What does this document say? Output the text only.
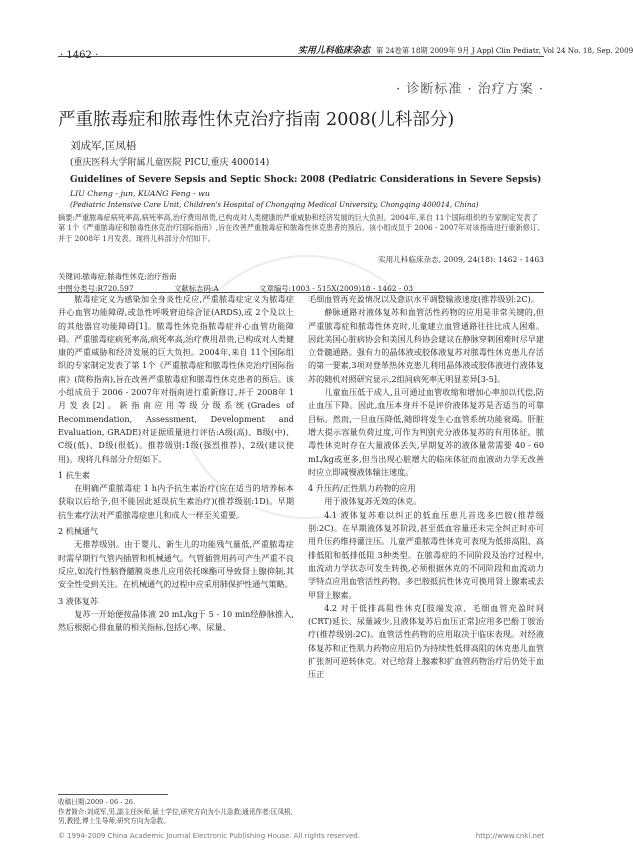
· 1462 ·	实用儿科临床杂志 第 24卷第 18期 2009年 9月 J Appl Clin Pediatr, Vol 24 No. 18, Sep. 2009
· 诊断标准 · 治疗方案 ·
严重脓毒症和脓毒性休克治疗指南 2008(儿科部分)
刘成军,匡凤梧
(重庆医科大学附属儿童医院 PICU,重庆 400014)
Guidelines of Severe Sepsis and Septic Shock: 2008 (Pediatric Considerations in Severe Sepsis)
LIU Cheng - jun, KUANG Feng - wu
(Pediatric Intensive Care Unit, Children's Hospital of Chongqing Medical University, Chongqing 400014, China)
摘要:严重脓毒症病死率高,病死率高,治疗费用昂贵,已构成对人类健康的严重威胁和经济发展的巨大负担。2004年,来自 11个国际组织的专家制定发表了第 1个《严重脓毒症和脓毒性休克治疗国际指南》,旨在改善严重脓毒症和脓毒性休克患者的预后。该小组成员于 2006 - 2007年对该指南进行重新修订,并于 2008年 1月发表。现将儿科部分介绍如下。
实用儿科临床杂志, 2009, 24(18): 1462 - 1463
关键词:脓毒症;脓毒性休克;治疗指南
中图分类号:R720.597	文献标志码:A	文章编号:1003 - 515X(2009)18 - 1462 - 03

脓毒症定义为感染加全身炎性反应,严重脓毒症定义为脓毒症并心血管功能障碍,或急性呼吸窘迫综合征(ARDS),或 2个及以上的其他器官功能障碍[1]。脓毒性休克指脓毒症并心血管功能障碍。严重脓毒症病死率高,病死率高,治疗费用昂贵,已构成对人类健康的严重威胁和经济发展的巨大负担。2004年,来自 11个国际组织的专家制定发表了第 1个《严重脓毒症和脓毒性休克治疗国际指南》(简称指南),旨在改善严重脓毒症和脓毒性休克患者的预后。该小组成员于 2006 - 2007年对指南进行重新修订,并于 2008年 1月发表[2]。新指南应用等级分级系统(Grades of Recommendation, Assessment, Development and Evaluation, GRADE)对证据质量进行评估:A级(高)、B级(中)、C级(低)、D级(很低)。推荐级别:1级(强烈推荐)、2级(建议使用)。现将儿科部分介绍如下。

1 抗生素

在明确严重脓毒症 1 h内予抗生素治疗(应在适当的培养标本获取以后给予,但不能因此延误抗生素治疗)(推荐级别:1D)。早期抗生素疗法对严重脓毒症患儿和成人一样至关重要。

2 机械通气

无推荐级别。由于婴儿、新生儿的功能残气量低,严重脓毒症时需早期行气管内插管和机械通气。气管插管用药可产生严重不良反应,如流行性脑脊髓膜炎患儿应用依托咪酯可导致肾上腺抑制,其安全性受到关注。在机械通气的过程中应采用肺保护性通气策略。

3 液体复苏

复苏一开始便按晶体液 20 mL/kg于 5 - 10 min经静脉推入,然后根据心排血量的相关指标,包括心率、尿量、

毛细血管再充盈情况以及意识水平调整输液速度(推荐级别:2C)。

静脉通路对液体复苏和血管活性药物的应用是非常关键的,但严重脓毒症和脓毒性休克时,儿童建立血管通路往往比成人困难。因此美国心脏病协会和美国儿科协会建议在静脉穿刺困难时尽早建立骨髓通路。强有力的晶体液或胶体液复苏对脓毒性休克患儿存活的第一要素,3项对登革热休克患儿利用晶体液或胶体液进行液体复苏的随机对照研究显示,2组间病死率无明显差异[3-5]。

儿童血压低于成人,且可通过血管收缩和增加心率加以代偿,防止血压下降。因此,血压本身并不是评价液体复苏是否适当的可靠目标。然而,一旦血压降低,随即将发生心血管系统功能衰竭。肝脏增大提示容量负荷过度,可作为判别充分液体复苏的有用体征。脓毒性休克时存在大量液体丢失,早期复苏的液体量常需要 40 - 60 mL/kg或更多,但当出现心脏增大的临床体征而血液动力学无改善时应立即减慢液体输注速度。

4 升压药/正性肌力药物的应用

用于液体复苏无效的休克。

4.1 液体复苏难以纠正的低血压患儿首选多巴胺(推荐级别:2C)。在早期液体复苏阶段,甚至低血容量还未完全纠正时亦可用升压药维持灌注压。儿童严重脓毒性休克可表现为低排高阻、高排低阻和低排低阻 3种类型。在脓毒症的不同阶段及治疗过程中,血流动力学状态可发生转换,必须根据休克的不同阶段和血流动力学特点应用血管活性药物。多巴胺抵抗性休克可换用肾上腺素或去甲肾上腺素。

4.2 对于低排高阻性休克[肢端发凉、毛细血管充盈时间(CRT)延长、尿量减少,且液体复苏后血压正常]应用多巴酚丁胺治疗(推荐级别:2C)。血管活性药物的应用取决于临床表现。对经液体复苏和正性肌力药物应用后仍为持续性低排高阻的休克患儿血管扩张剂可逆转休克。对已给肾上腺素和扩血管药物治疗后仍处于血压正

收稿日期:2009 - 06 - 26.
作者简介:刘成军,男,副主任医师,硕士学位,研究方向为小儿急救;通讯作者:匡凤梧,男,教授,博士生导师,研究方向为急救。
© 1994-2009 China Academic Journal Electronic Publishing House. All rights reserved.	http://www.cnki.net
